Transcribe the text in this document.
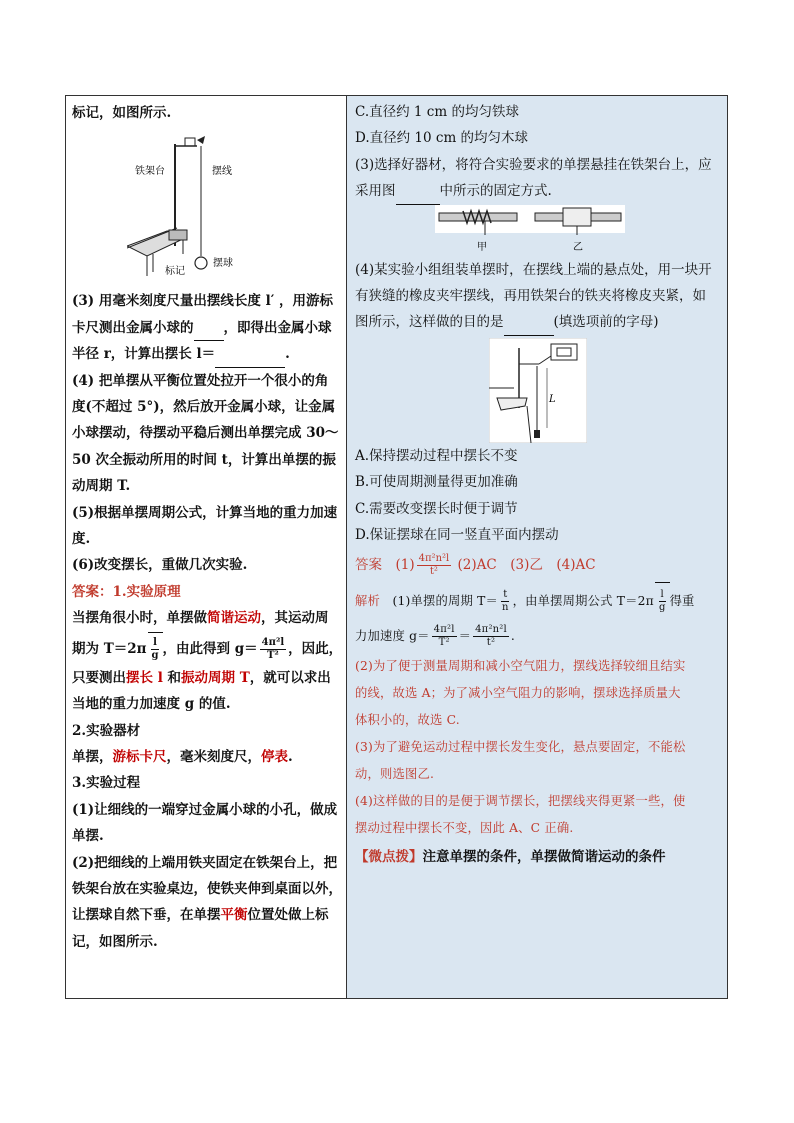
标记，如图所示.
铁架台	摆线
标记
摆球
(3) 用毫米刻度尺量出摆线长度 l′ ，用游标
卡尺测出金属小球的 ，即得出金属小球
半径 r，计算出摆长 l＝	.
(4) 把单摆从平衡位置处拉开一个很小的角
度(不超过 5°)，然后放开金属小球，让金属
小球摆动，待摆动平稳后测出单摆完成 30～
50 次全振动所用的时间 t，计算出单摆的振
动周期 T.
(5)根据单摆周期公式，计算当地的重力加速
度.
(6)改变摆长，重做几次实验.
答案：1.实验原理
当摆角很小时，单摆做简谐运动，其运动周
期为 $T=2\pi \frac{l}{g}$ ，由此得到 $g= \frac{\text{4π²l}}{\text{T²}}$ ，因此，
只要测出摆长 l 和振动周期 T，就可以求出
当地的重力加速度 g 的值.
2.实验器材
单摆，游标卡尺，毫米刻度尺，停表.
3.实验过程
(1)让细线的一端穿过金属小球的小孔，做成
单摆.
(2)把细线的上端用铁夹固定在铁架台上，把
铁架台放在实验桌边，使铁夹伸到桌面以外，
让摆球自然下垂，在单摆平衡位置处做上标
记，如图所示.
C.直径约 1 cm 的均匀铁球
D.直径约 10 cm 的均匀木球
(3)选择好器材，将符合实验要求的单摆悬挂在铁架台上，应
采用图	中所示的固定方式.
甲	乙
(4)某实验小组组装单摆时，在摆线上端的悬点处，用一块开
有狭缝的橡皮夹牢摆线，再用铁架台的铁夹将橡皮夹紧，如
图所示，这样做的目的是	(填选项前的字母)
L
A.保持摆动过程中摆长不变
B.可使周期测量得更加准确
C.需要改变摆长时便于调节
D.保证摆球在同一竖直平面内摆动
答案　 $(1) \frac{\text{4π²n²l}}{\text{t²}} (2)AC$　(3)乙　(4)AC
解析　 (1)单摆的周期 $T= \frac{t}{n}$ ，由单摆周期公式 $T=2\pi \frac{l}{g}$ 得重
力加速度 $g= \frac{\text{4π²l}}{\text{T²}} = \frac{\text{4π²n²l}}{\text{t²}}$ .
(2)为了便于测量周期和减小空气阻力，摆线选择较细且结实
的线，故选 A；为了减小空气阻力的影响，摆球选择质量大
体积小的，故选 C.
(3)为了避免运动过程中摆长发生变化，悬点要固定，不能松
动，则选图乙.
(4)这样做的目的是便于调节摆长，把摆线夹得更紧一些，使
摆动过程中摆长不变，因此 A、C 正确.
【微点拨】注意单摆的条件，单摆做简谐运动的条件
